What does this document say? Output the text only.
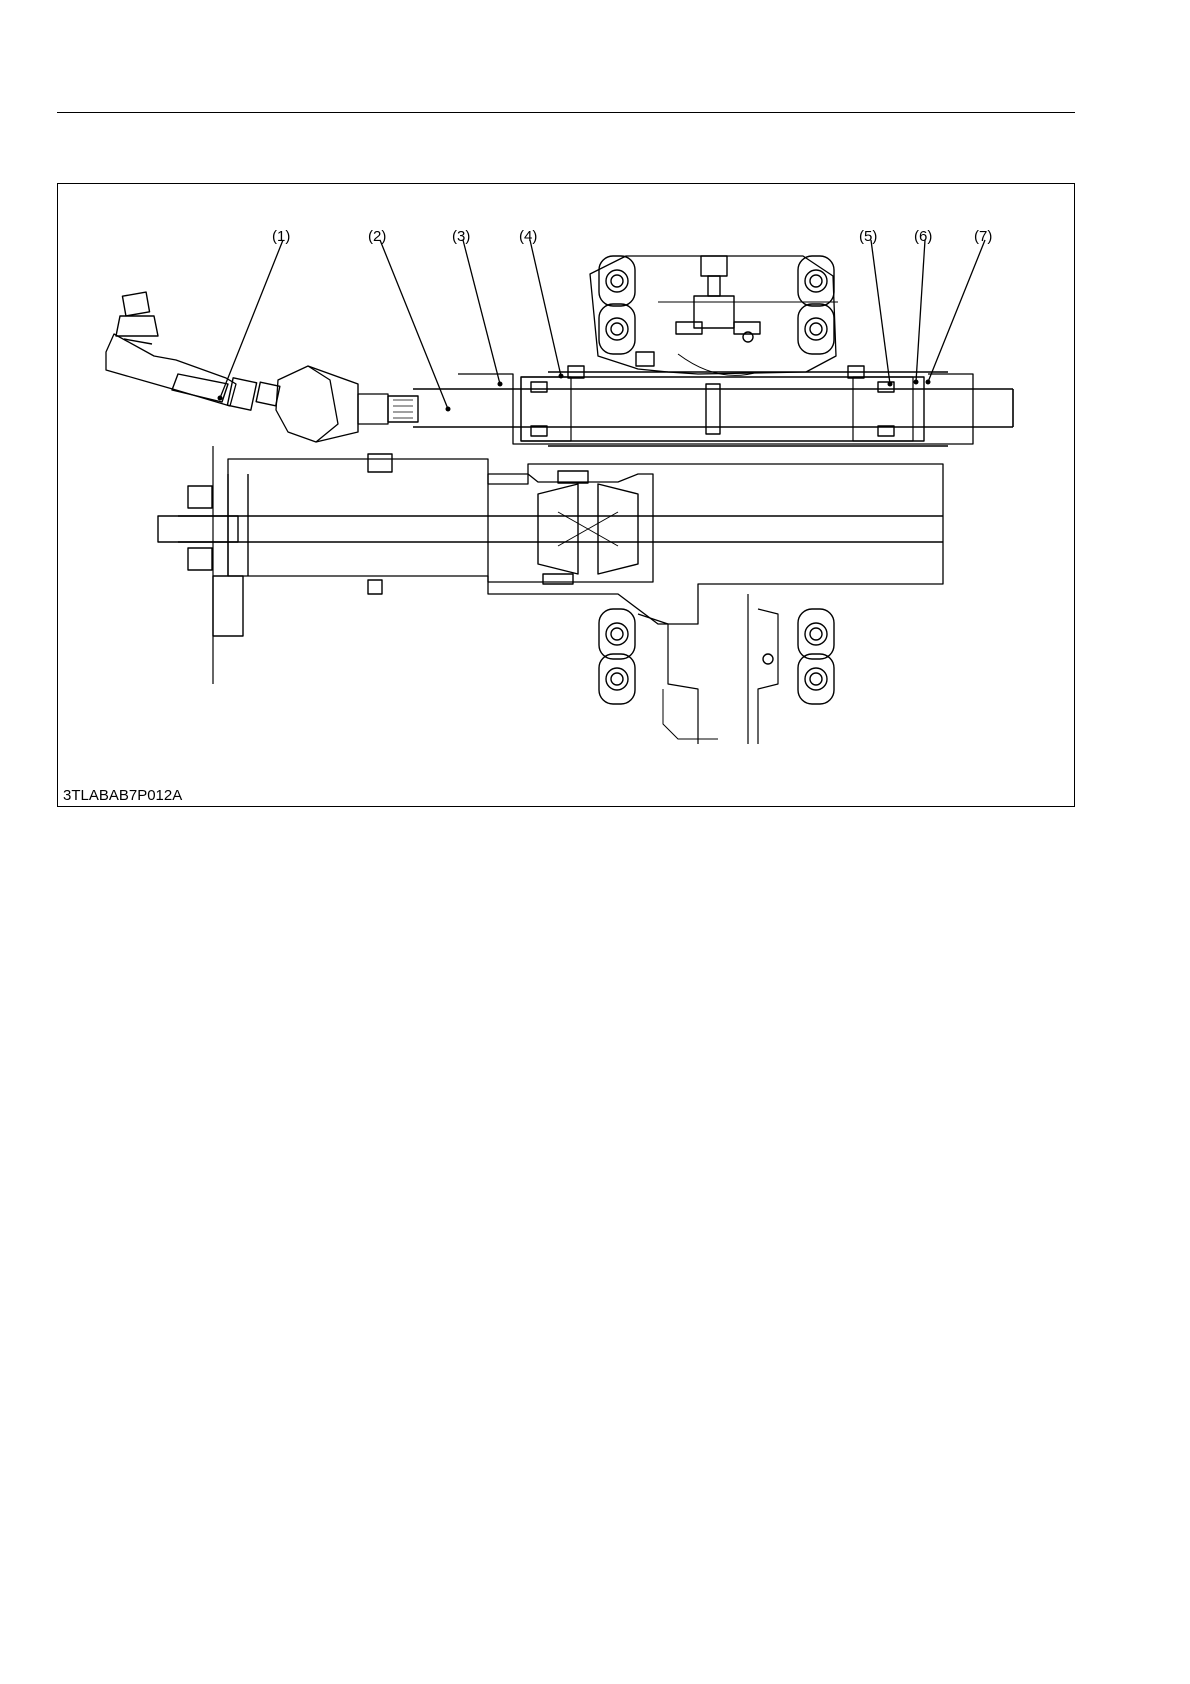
(1)	(2)	(3)	(4)	(5) (6)	(7)
3TLABAB7P012A
